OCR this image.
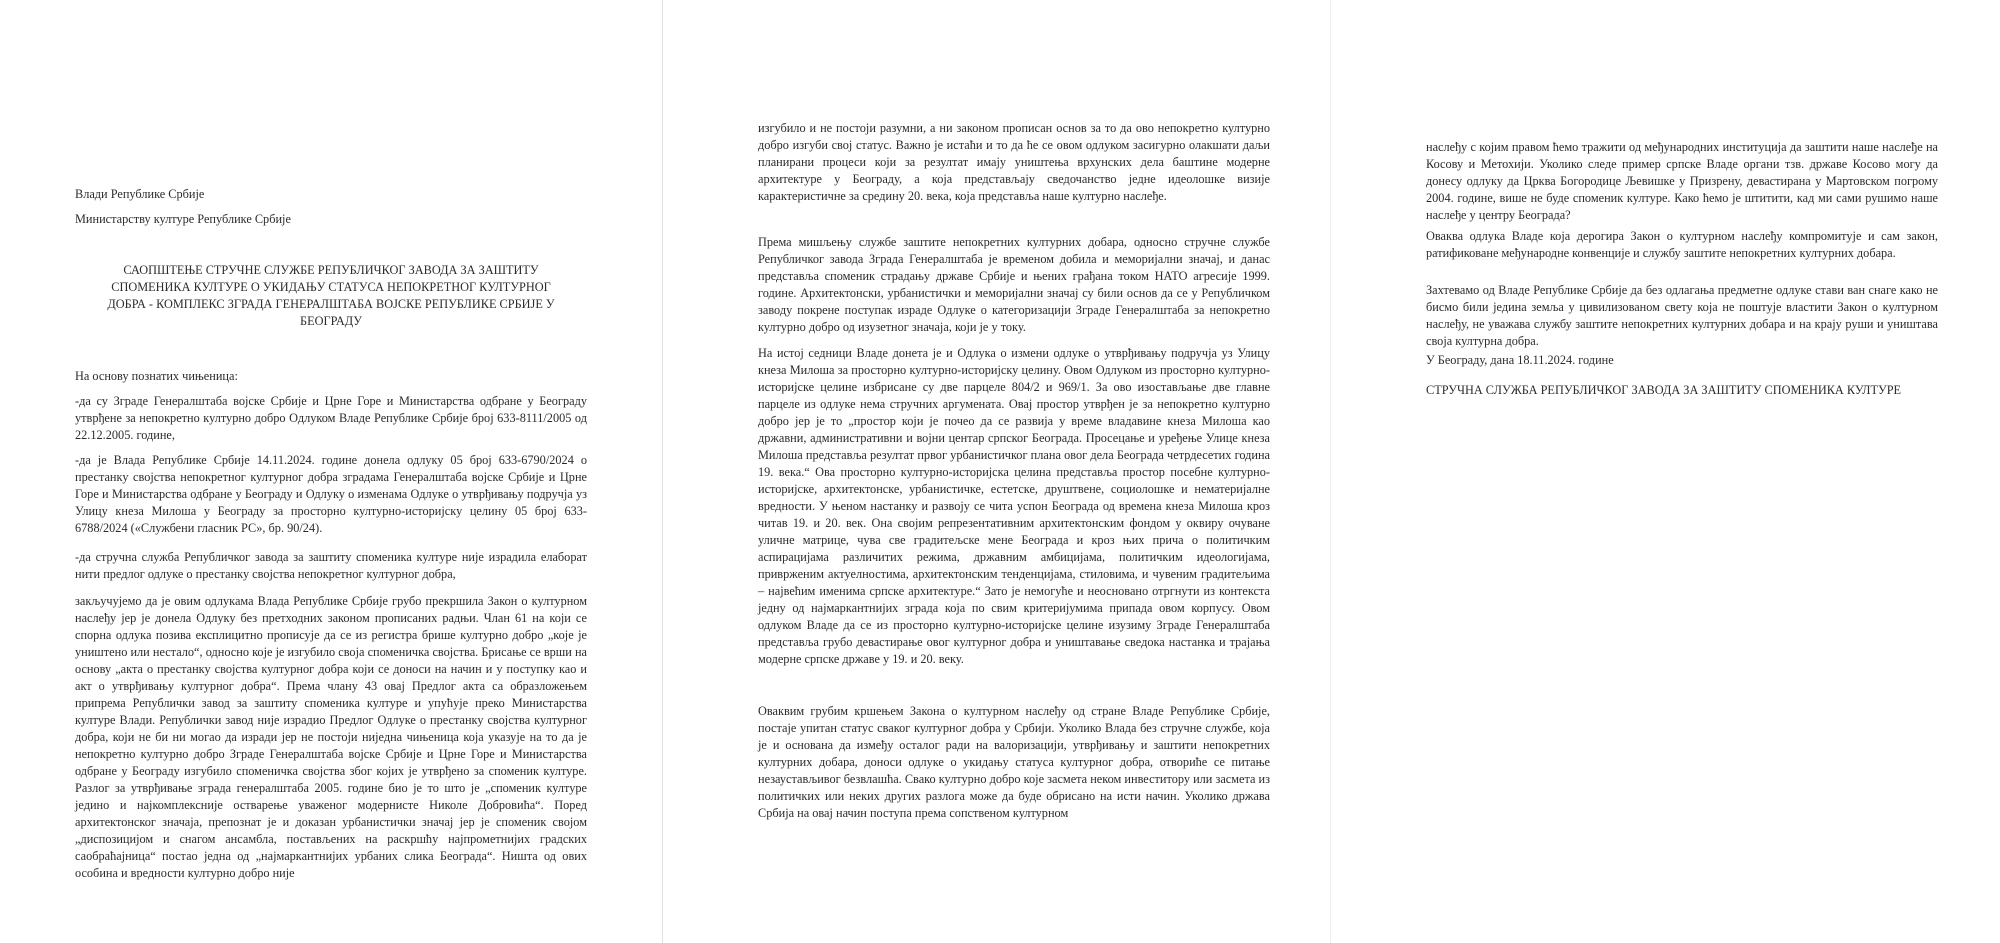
Влади Републике Србије

Министарству културе Републике Србије

САОПШТЕЊЕ СТРУЧНЕ СЛУЖБЕ РЕПУБЛИЧКОГ ЗАВОДА ЗА ЗАШТИТУ
СПОМЕНИКА КУЛТУРЕ О УКИДАЊУ СТАТУСА НЕПОКРЕТНОГ КУЛТУРНОГ
ДОБРА - КОМПЛЕКС ЗГРАДА ГЕНЕРАЛШТАБА ВОЈСКЕ РЕПУБЛИКЕ СРБИЈЕ У
БЕОГРАДУ

На основу познатих чињеница:

-да су Зграде Генералштаба војске Србије и Црне Горе и Министарства одбране у Београду утврђене за непокретно културно добро Одлуком Владе Републике Србије број 633-8111/2005 од 22.12.2005. године,

-да је Влада Републике Србије 14.11.2024. године донела одлуку 05 број 633-6790/2024 о престанку својства непокретног културног добра зградама Генералштаба војске Србије и Црне Горе и Министарства одбране у Београду и Одлуку о изменама Одлуке о утврђивању подручја уз Улицу кнеза Милоша у Београду за просторно културно-историјску целину 05 број 633-6788/2024 («Службени гласник РС», бр. 90/24).

-да стручна служба Републичког завода за заштиту споменика културе није израдила елаборат нити предлог одлуке о престанку својства непокретног културног добра,

закључујемо да је овим одлукама Влада Републике Србије грубо прекршила Закон о културном наслеђу јер је донела Одлуку без претходних законом прописаних радњи. Члан 61 на који се спорна одлука позива експлицитно прописује да се из регистра брише културно добро „које је уништено или нестало“, односно које је изгубило своја споменичка својства. Брисање се врши на основу „акта о престанку својства културног добра који се доноси на начин и у поступку као и акт о утврђивању културног добра“. Према члану 43 овај Предлог акта са образложењем припрема Републички завод за заштиту споменика културе и упућује преко Министарства културе Влади. Републички завод није израдио Предлог Одлуке о престанку својства културног добра, који не би ни могао да изради јер не постоји ниједна чињеница која указује на то да је непокретно културно добро Зграде Генералштаба војске Србије и Црне Горе и Министарства одбране у Београду изгубило споменичка својства због којих је утврђено за споменик културе. Разлог за утврђивање зграда генералштаба 2005. године био је то што је „споменик културе јединo и најкомплексније остварење уваженог модернисте Николе Добровића“. Поред архитектонског значаја, препознат је и доказан урбанистички значај јер је споменик својом „диспозицијом и снагом ансамбла, постављених на раскршћу најпрометнијих градских саобраћајница“ постао једна од „најмаркантнијих урбаних слика Београда“. Ништа од ових особина и вредности културно добро није

изгубило и не постоји разумни, а ни законом прописан основ за то да ово непокретно културно добро изгуби свој статус. Важно је истаћи и то да ће се овом одлуком засигурно олакшати даљи планирани процеси који за резултат имају уништења врхунских дела баштине модерне архитектуре у Београду, а која представљају сведочанство једне идеолошке визије карактеристичне за средину 20. века, која представља наше културно наслеђе.

Према мишљењу службе заштите непокретних културних добара, односно стручне службе Републичког завода Зграда Генералштаба је временом добила и меморијални значај, и данас представља споменик страдању државе Србије и њених грађана током НАТО агресије 1999. године. Архитектонски, урбанистички и меморијални значај су били основ да се у Републичком заводу покрене поступак израде Одлуке о категоризацији Зграде Генералштаба за непокретно културно добро од изузетног значаја, који је у току.

На истој седници Владе донета је и Одлука о измени одлуке о утврђивању подручја уз Улицу кнеза Милоша за просторно културно-историјску целину. Овом Одлуком из просторно културно-историјске целине избрисане су две парцеле 804/2 и 969/1. За ово изостављање две главне парцеле из одлуке нема стручних аргумената. Овај простор утврђен је за непокретно културно добро јер је то „простор који је почео да се развија у време владавине кнеза Милоша као државни, административни и војни центар српског Београда. Просецање и уређење Улице кнеза Милоша представља резултат првог урбанистичког плана овог дела Београда четрдесетих година 19. века.“ Ова просторно културно-историјска целина представља простор посебне културно-историјске, архитектонске, урбанистичке, естетске, друштвене, социолошке и нематеријалне вредности. У њеном настанку и развоју се чита успон Београда од времена кнеза Милоша кроз читав 19. и 20. век. Она својим репрезентативним архитектонским фондом у оквиру очуване уличне матрице, чува све градитељске мене Београда и кроз њих прича о политичким аспирацијама различитих режима, државним амбицијама, политичким идеологијама, приврженим актуелностима, архитектонским тенденцијама, стиловима, и чувеним градитељима – највећим именима српске архитектуре.“ Зато је немогуће и неосновано отргнути из контекста једну од најмаркантнијих зграда која по свим критеријумима припада овом корпусу. Овом одлуком Владе да се из просторно културно-историјске целине изузиму Зграде Генералштаба представља грубо девастирање овог културног добра и уништавање сведока настанка и трајања модерне српске државе у 19. и 20. веку.

Оваквим грубим кршењем Закона о културном наслеђу од стране Владе Републике Србије, постаје упитан статус сваког културног добра у Србији. Уколико Влада без стручне службе, која је и основана да између осталог ради на валоризацији, утврђивању и заштити непокретних културних добара, доноси одлуке о укидању статуса културног добра, отвориће се питање незаустављивог безвлашћа. Свако културно добро које засмета неком инвеститору или засмета из политичких или неких других разлога може да буде обрисано на исти начин. Уколико држава Србија на овај начин поступа према сопственом културном

наслеђу с којим правом ћемо тражити од међународних институција да заштити наше наслеђе на Косову и Метохији. Уколико следе пример српске Владе органи тзв. државе Косово могу да донесу одлуку да Црква Богородице Љевишке у Призрену, девастирана у Мартовском погрому 2004. године, више не буде споменик културе. Како ћемо је штитити, кад ми сами рушимо наше наслеђе у центру Београда?

Оваква одлука Владе која дерогира Закон о културном наслеђу компромитује и сам закон, ратификоване међународне конвенције и службу заштите непокретних културних добара.

Захтевамо од Владе Републике Србије да без одлагања предметне одлуке стави ван снаге како не бисмо били једина земља у цивилизованом свету која не поштује властити Закон о културном наслеђу, не уважава службу заштите непокретних културних добара и на крају руши и уништава своја културна добра.

У Београду, дана 18.11.2024. године

СТРУЧНА СЛУЖБА РЕПУБЛИЧКОГ ЗАВОДА ЗА ЗАШТИТУ СПОМЕНИКА КУЛТУРЕ
